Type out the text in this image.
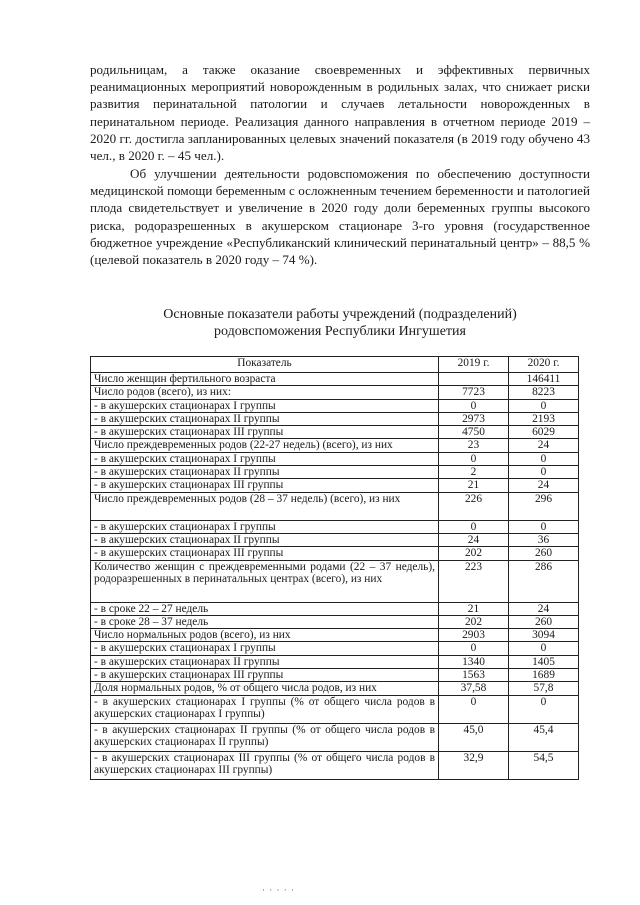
родильницам, а также оказание своевременных и эффективных первичных реанимационных мероприятий новорожденным в родильных залах, что снижает риски развития перинатальной патологии и случаев летальности новорожденных в перинатальном периоде. Реализация данного направления в отчетном периоде 2019 – 2020 гг. достигла запланированных целевых значений показателя (в 2019 году обучено 43 чел., в 2020 г. – 45 чел.).

Об улучшении деятельности родовспоможения по обеспечению доступности медицинской помощи беременным с осложненным течением беременности и патологией плода свидетельствует и увеличение в 2020 году доли беременных группы высокого риска, родоразрешенных в акушерском стационаре 3-го уровня (государственное бюджетное учреждение «Республиканский клинический перинатальный центр» – 88,5 % (целевой показатель в 2020 году – 74 %).

Основные показатели работы учреждений (подразделений)

родовспоможения Республики Ингушетия

Показатель	2019 г.	2020 г.
Число женщин фертильного возраста		146411
Число родов (всего), из них:	7723	8223
- в акушерских стационарах I группы	0	0
- в акушерских стационарах II группы	2973	2193
- в акушерских стационарах III группы	4750	6029
Число преждевременных родов (22-27 недель) (всего), из них	23	24
- в акушерских стационарах I группы	0	0
- в акушерских стационарах II группы	2	0
- в акушерских стационарах III группы	21	24
Число преждевременных родов (28 – 37 недель) (всего), из них	226	296
- в акушерских стационарах I группы	0	0
- в акушерских стационарах II группы	24	36
- в акушерских стационарах III группы	202	260
Количество женщин с преждевременными родами (22 – 37 недель), родоразрешенных в перинатальных центрах (всего), из них	223	286
- в сроке 22 – 27 недель	21	24
- в сроке 28 – 37 недель	202	260
Число нормальных родов (всего), из них	2903	3094
- в акушерских стационарах I группы	0	0
- в акушерских стационарах II группы	1340	1405
- в акушерских стационарах III группы	1563	1689
Доля нормальных родов, % от общего числа родов, из них	37,58	57,8
- в акушерских стационарах I группы (% от общего числа родов в акушерских стационарах I группы)	0	0
- в акушерских стационарах II группы (% от общего числа родов в акушерских стационарах II группы)	45,0	45,4
- в акушерских стационарах III группы (% от общего числа родов в акушерских стационарах III группы)	32,9	54,5
· · · · ·
